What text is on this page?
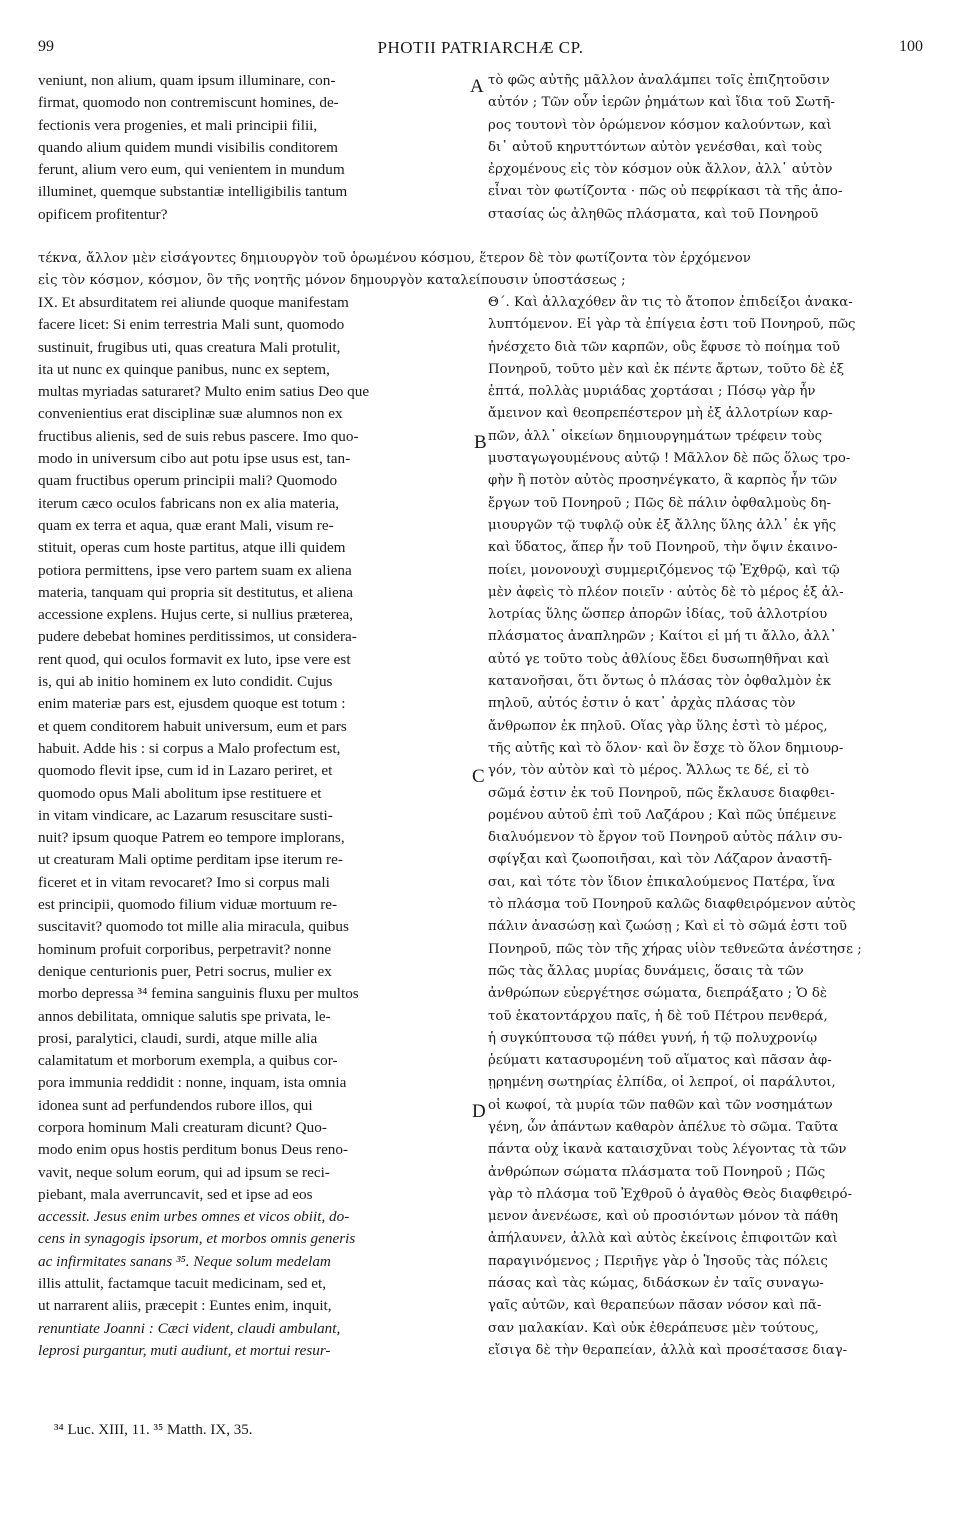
99	PHOTII PATRIARCHÆ CP.	100
veniunt, non alium, quam ipsum illuminare, con-
firmat, quomodo non contremiscunt homines, de-
fectionis vera progenies, et mali principii filii,
quando alium quidem mundi visibilis conditorem
ferunt, alium vero eum, qui venientem in mundum
illuminet, quemque substantiæ intelligibilis tantum
opificem profitentur?
τὸ φῶς αὐτῆς μᾶλλον ἀναλάμπει τοῖς ἐπιζητοῦσιν
αὐτόν ; Τῶν οὖν ἱερῶν ῥημάτων καὶ ἴδια τοῦ Σωτῆ-
ρος τουτονὶ τὸν ὁρώμενον κόσμον καλούντων, καὶ
δι᾽ αὐτοῦ κηρυττόντων αὐτὸν γενέσθαι, καὶ τοὺς
ἐρχομένους εἰς τὸν κόσμον οὐκ ἄλλον, ἀλλ᾽ αὐτὸν
εἶναι τὸν φωτίζοντα · πῶς οὐ πεφρίκασι τὰ τῆς ἀπο-
στασίας ὡς ἀληθῶς πλάσματα, καὶ τοῦ Πονηροῦ
τέκνα, ἄλλον μὲν εἰσάγοντες δημιουργὸν τοῦ ὁρωμένου κόσμου, ἕτερον δὲ τὸν φωτίζοντα τὸν ἐρχόμενον
εἰς τὸν κόσμον, κόσμον, ὃν τῆς νοητῆς μόνον δημουργὸν καταλείπουσιν ὑποστάσεως ;
IX. Et absurditatem rei aliunde quoque manifestam
facere licet: Si enim terrestria Mali sunt, quomodo
sustinuit, frugibus uti, quas creatura Mali protulit,
ita ut nunc ex quinque panibus, nunc ex septem,
multas myriadas saturaret? Multo enim satius Deo que
convenientius erat disciplinæ suæ alumnos non ex
fructibus alienis, sed de suis rebus pascere. Imo quo-
modo in universum cibo aut potu ipse usus est, tan-
quam fructibus operum principii mali? Quomodo
iterum cæco oculos fabricans non ex alia materia,
quam ex terra et aqua, quæ erant Mali, visum re-
stituit, operas cum hoste partitus, atque illi quidem
potiora permittens, ipse vero partem suam ex aliena
materia, tanquam qui propria sit destitutus, et aliena
accessione explens. Hujus certe, si nullius præterea,
pudere debebat homines perditissimos, ut considera-
rent quod, qui oculos formavit ex luto, ipse vere est
is, qui ab initio hominem ex luto condidit. Cujus
enim materiæ pars est, ejusdem quoque est totum :
et quem conditorem habuit universum, eum et pars
habuit. Adde his : si corpus a Malo profectum est,
quomodo flevit ipse, cum id in Lazaro periret, et
quomodo opus Mali abolitum ipse restituere et
in vitam vindicare, ac Lazarum resuscitare susti-
nuit? ipsum quoque Patrem eo tempore implorans,
ut creaturam Mali optime perditam ipse iterum re-
ficeret et in vitam revocaret? Imo si corpus mali
est principii, quomodo filium viduæ mortuum re-
suscitavit? quomodo tot mille alia miracula, quibus
hominum profuit corporibus, perpetravit? nonne
denique centurionis puer, Petri socrus, mulier ex
morbo depressa ³⁴ femina sanguinis fluxu per multos
annos debilitata, omnique salutis spe privata, le-
prosi, paralytici, claudi, surdi, atque mille alia
calamitatum et morborum exempla, a quibus cor-
pora immunia reddidit : nonne, inquam, ista omnia
idonea sunt ad perfundendos rubore illos, qui
corpora hominum Mali creaturam dicunt? Quo-
modo enim opus hostis perditum bonus Deus reno-
vavit, neque solum eorum, qui ad ipsum se reci-
piebant, mala averruncavit, sed et ipse ad eos
accessit. Jesus enim urbes omnes et vicos obiit, do-
cens in synagogis ipsorum, et morbos omnis generis
ac infirmitates sanans ³⁵. Neque solum medelam
illis attulit, factamque tacuit medicinam, sed et,
ut narrarent aliis, præcepit : Euntes enim, inquit,
renuntiate Joanni : Cæci vident, claudi ambulant,
leprosi purgantur, muti audiunt, et mortui resur-
Θ΄. Καὶ ἀλλαχόθεν ἂν τις τὸ ἄτοπον ἐπιδείξοι ἀνακα-
λυπτόμενον. Εἰ γὰρ τὰ ἐπίγεια ἐστι τοῦ Πονηροῦ, πῶς
ἠνέσχετο διὰ τῶν καρπῶν, οὓς ἔφυσε τὸ ποίημα τοῦ
Πονηροῦ, τοῦτο μὲν καὶ ἐκ πέντε ἄρτων, τοῦτο δὲ ἐξ
ἑπτά, πολλὰς μυριάδας χορτάσαι ; Πόσῳ γὰρ ἦν
ἄμεινον καὶ θεοπρεπέστερον μὴ ἐξ ἀλλοτρίων καρ-
πῶν, ἀλλ᾽ οἰκείων δημιουργημάτων τρέφειν τοὺς
μυσταγωγουμένους αὐτῷ ! Μᾶλλον δὲ πῶς ὅλως τρο-
φὴν ἢ ποτὸν αὐτὸς προσηνέγκατο, ἃ καρπὸς ἦν τῶν
ἔργων τοῦ Πονηροῦ ; Πῶς δὲ πάλιν ὀφθαλμοὺς δη-
μιουργῶν τῷ τυφλῷ οὐκ ἐξ ἄλλης ὕλης ἀλλ᾽ ἐκ γῆς
καὶ ὕδατος, ἅπερ ἦν τοῦ Πονηροῦ, τὴν ὄψιν ἐκαινο-
ποίει, μονονουχὶ συμμεριζόμενος τῷ Ἐχθρῷ, καὶ τῷ
μὲν ἀφεὶς τὸ πλέον ποιεῖν · αὐτὸς δὲ τὸ μέρος ἐξ ἀλ-
λοτρίας ὕλης ὥσπερ ἀπορῶν ἰδίας, τοῦ ἀλλοτρίου
πλάσματος ἀναπληρῶν ; Καίτοι εἰ μή τι ἄλλο, ἀλλ᾽
αὐτό γε τοῦτο τοὺς ἀθλίους ἔδει δυσωπηθῆναι καὶ
κατανοῆσαι, ὅτι ὄντως ὁ πλάσας τὸν ὀφθαλμὸν ἐκ
πηλοῦ, αὐτός ἐστιν ὁ κατ᾽ ἀρχὰς πλάσας τὸν
ἄνθρωπον ἐκ πηλοῦ. Οἵας γὰρ ὕλης ἐστὶ τὸ μέρος,
τῆς αὐτῆς καὶ τὸ ὅλον· καὶ ὃν ἔσχε τὸ ὅλον δημιουρ-
γόν, τὸν αὐτὸν καὶ τὸ μέρος. Ἄλλως τε δέ, εἰ τὸ
σῶμά ἐστιν ἐκ τοῦ Πονηροῦ, πῶς ἔκλαυσε διαφθει-
ρομένου αὐτοῦ ἐπὶ τοῦ Λαζάρου ; Καὶ πῶς ὑπέμεινε
διαλυόμενον τὸ ἔργον τοῦ Πονηροῦ αὐτὸς πάλιν συ-
σφίγξαι καὶ ζωοποιῆσαι, καὶ τὸν Λάζαρον ἀναστῆ-
σαι, καὶ τότε τὸν ἴδιον ἐπικαλούμενος Πατέρα, ἵνα
τὸ πλάσμα τοῦ Πονηροῦ καλῶς διαφθειρόμενον αὐτὸς
πάλιν ἀνασώσῃ καὶ ζωώσῃ ; Καὶ εἰ τὸ σῶμά ἐστι τοῦ
Πονηροῦ, πῶς τὸν τῆς χήρας υἱὸν τεθνεῶτα ἀνέστησε ;
πῶς τὰς ἄλλας μυρίας δυνάμεις, ὅσαις τὰ τῶν
ἀνθρώπων εὐεργέτησε σώματα, διεπράξατο ; Ὁ δὲ
τοῦ ἑκατοντάρχου παῖς, ἡ δὲ τοῦ Πέτρου πενθερά,
ἡ συγκύπτουσα τῷ πάθει γυνή, ἡ τῷ πολυχρονίῳ
ῥεύματι κατασυρομένη τοῦ αἵματος καὶ πᾶσαν ἀφ-
ῃρημένη σωτηρίας ἐλπίδα, οἱ λεπροί, οἱ παράλυτοι,
οἱ κωφοί, τὰ μυρία τῶν παθῶν καὶ τῶν νοσημάτων
γένη, ὧν ἁπάντων καθαρὸν ἀπέλυε τὸ σῶμα. Ταῦτα
πάντα οὐχ ἱκανὰ καταισχῦναι τοὺς λέγοντας τὰ τῶν
ἀνθρώπων σώματα πλάσματα τοῦ Πονηροῦ ; Πῶς
γὰρ τὸ πλάσμα τοῦ Ἐχθροῦ ὁ ἀγαθὸς Θεὸς διαφθειρό-
μενον ἀνενέωσε, καὶ οὐ προσιόντων μόνον τὰ πάθη
ἀπήλαυνεν, ἀλλὰ καὶ αὐτὸς ἐκείνοις ἐπιφοιτῶν καὶ
παραγινόμενος ; Περιῆγε γὰρ ὁ Ἰησοῦς τὰς πόλεις
πάσας καὶ τὰς κώμας, διδάσκων ἐν ταῖς συναγω-
γαῖς αὐτῶν, καὶ θεραπεύων πᾶσαν νόσον καὶ πᾶ-
σαν μαλακίαν. Καὶ οὐκ ἐθεράπευσε μὲν τούτους,
εἴσιγα δὲ τὴν θεραπείαν, ἀλλὰ καὶ προσέτασσε διαγ-
A
B
C
D
³⁴ Luc. XIII, 11. ³⁵ Matth. IX, 35.
